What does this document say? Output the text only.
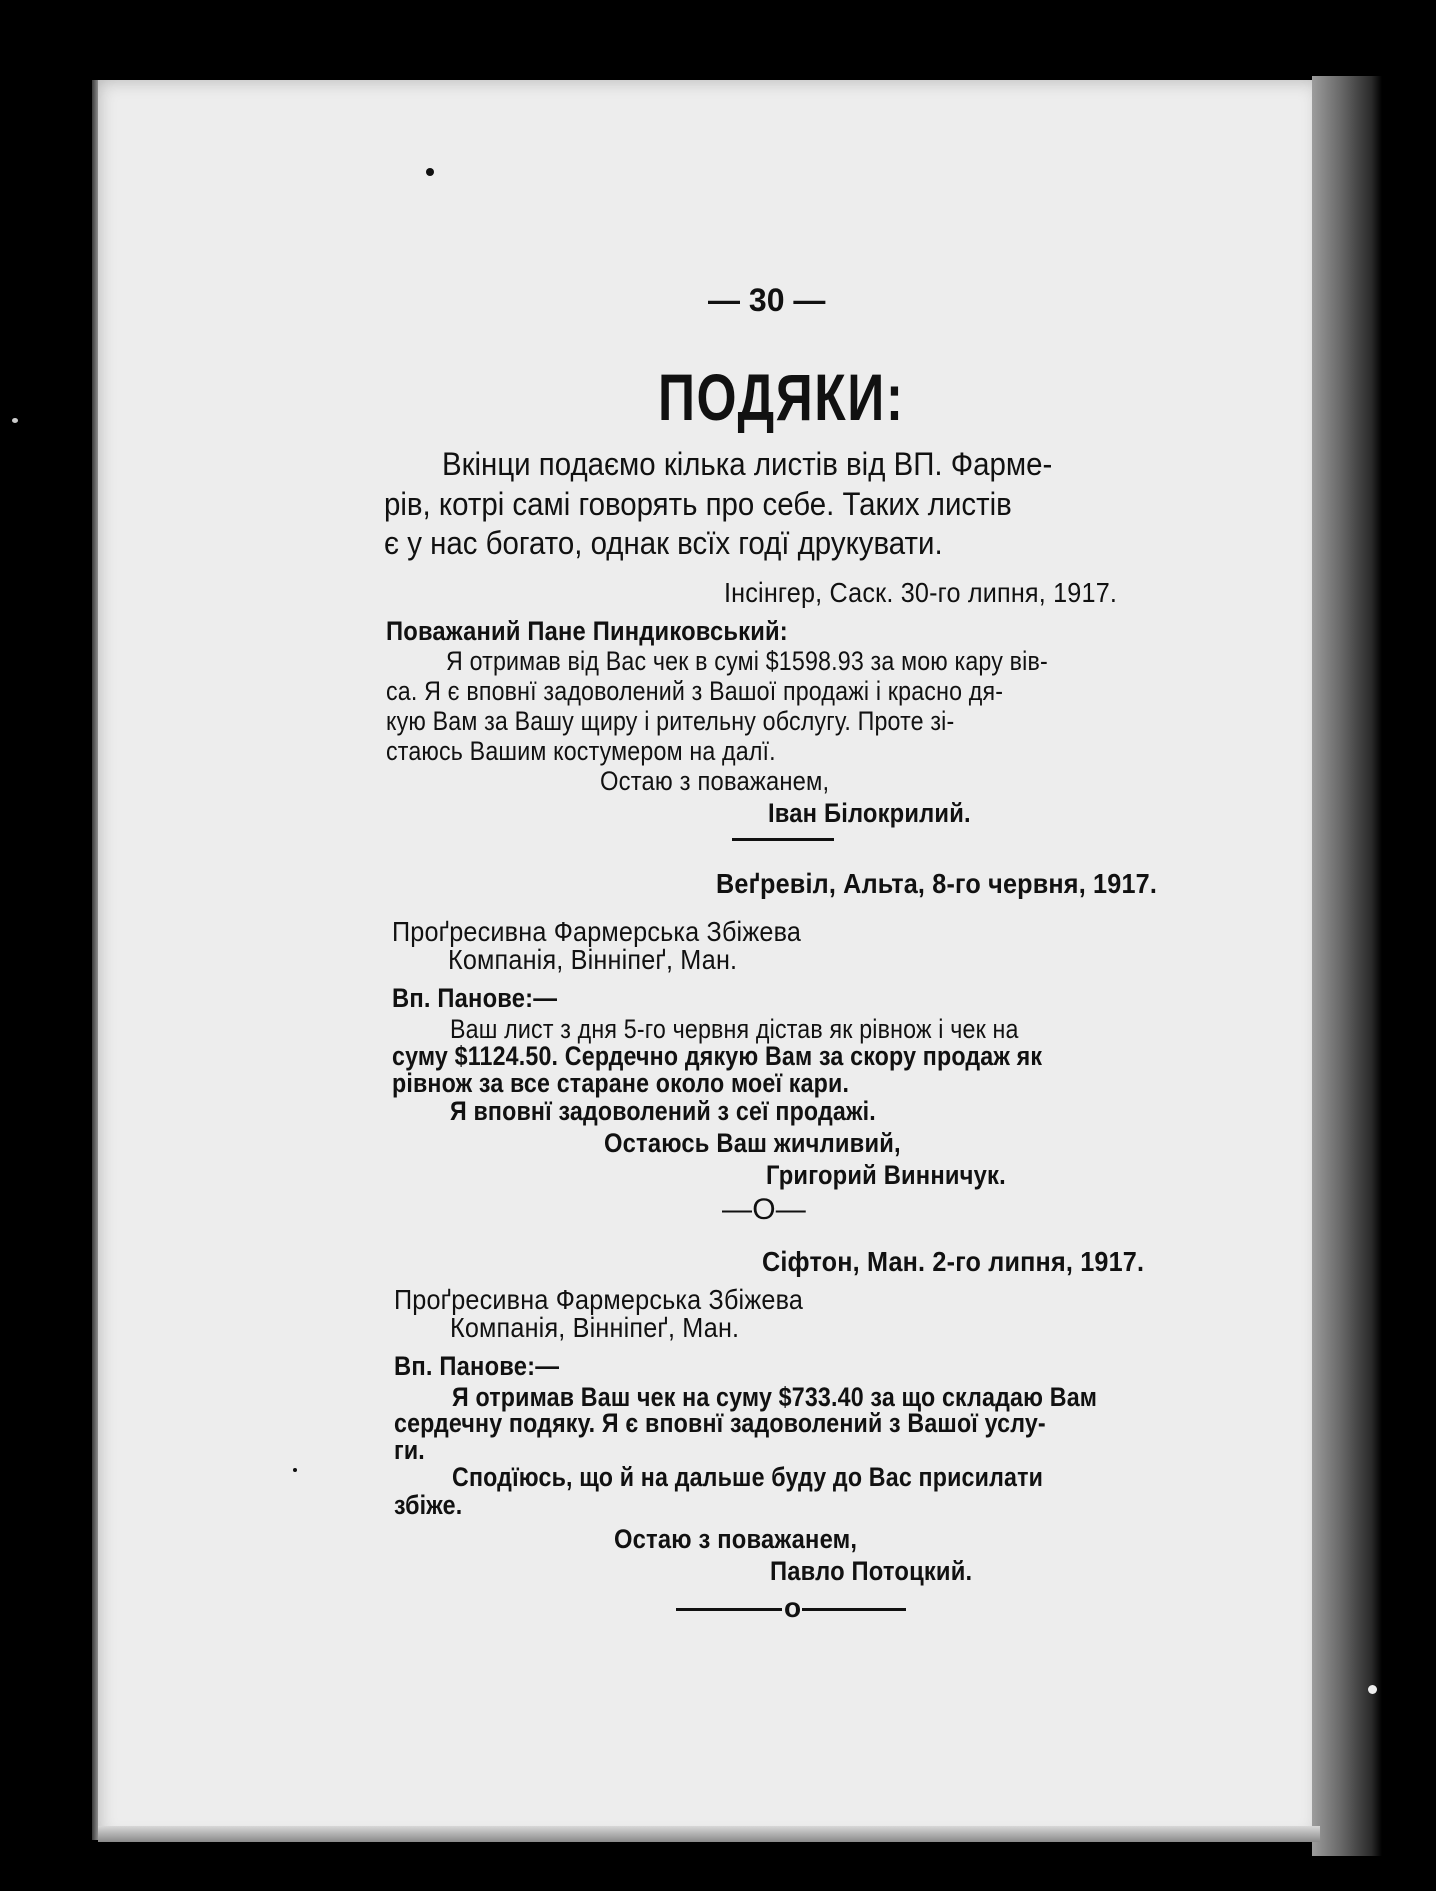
— 30 —
ПОДЯКИ:
Вкінци подаємо кілька листів від ВП. Фарме-
рів, котрі самі говорять про себе. Таких листів
є у нас богато, однак всїх годї друкувати.
Інсінгер, Саск. 30-го липня, 1917.
Поважаний Пане Пиндиковський:
Я отримав від Вас чек в сумі $1598.93 за мою кару вів-
са. Я є вповнї задоволений з Вашої продажі і красно дя-
кую Вам за Вашу щиру і рительну обслугу. Проте зі-
стаюсь Вашим костумером на далї.
Остаю з поважанем,
Іван Білокрилий.
Веґревіл, Альта, 8-го червня, 1917.
Проґресивна Фармерська Збіжева
Компанія, Вінніпеґ, Ман.
Вп. Панове:—
Ваш лист з дня 5-го червня дістав як рівнож і чек на
суму $1124.50. Сердечно дякую Вам за скору продаж як
рівнож за все старане около моеї кари.
Я вповнї задоволений з сеї продажі.
Остаюсь Ваш жичливий,
Григорий Винничук.
—О—
Сіфтон, Ман. 2-го липня, 1917.
Проґресивна Фармерська Збіжева
Компанія, Вінніпеґ, Ман.
Вп. Панове:—
Я отримав Ваш чек на суму $733.40 за що складаю Вам
сердечну подяку. Я є вповнї задоволений з Вашої услу-
ги.
Сподїюсь, що й на дальше буду до Вас присилати
збіже.
Остаю з поважанем,
Павло Потоцкий.
о
